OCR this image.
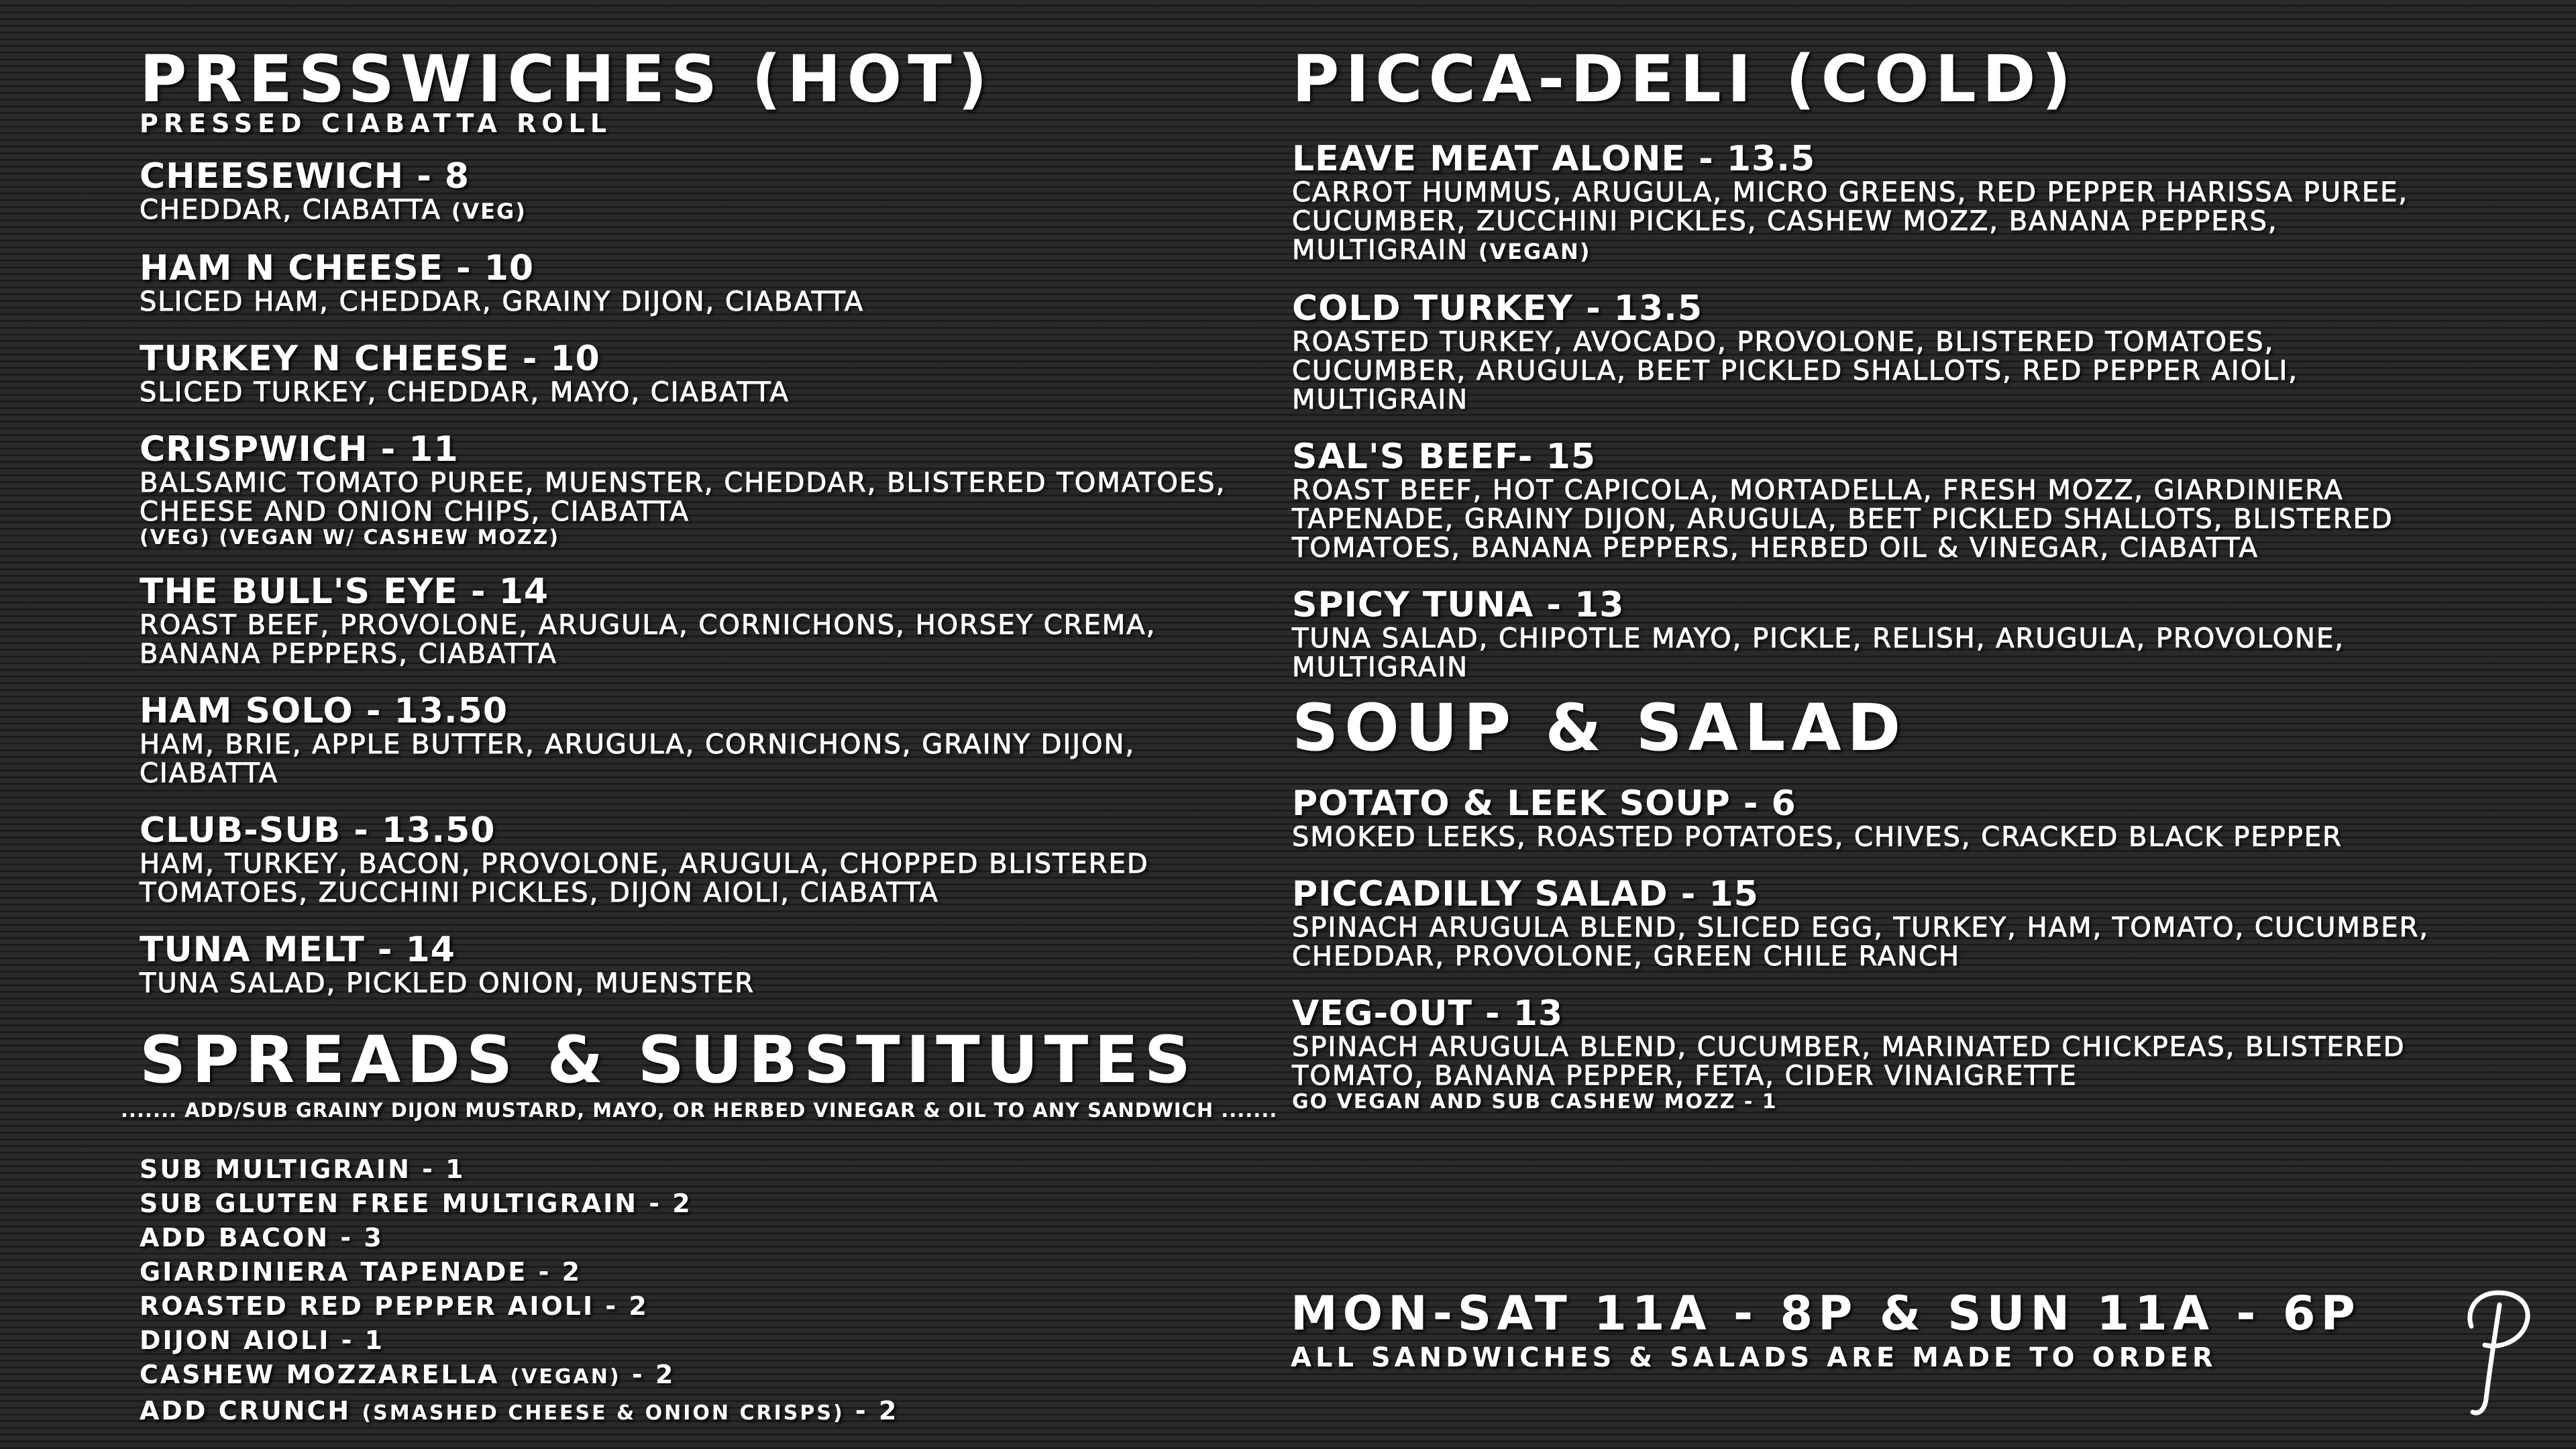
PRESSWICHES (HOT)
PRESSED CIABATTA ROLL
CHEESEWICH - 8
CHEDDAR, CIABATTA (VEG)
HAM N CHEESE - 10
SLICED HAM, CHEDDAR, GRAINY DIJON, CIABATTA
TURKEY N CHEESE - 10
SLICED TURKEY, CHEDDAR, MAYO, CIABATTA
CRISPWICH - 11
BALSAMIC TOMATO PUREE, MUENSTER, CHEDDAR, BLISTERED TOMATOES, CHEESE AND ONION CHIPS, CIABATTA
(VEG) (VEGAN W/ CASHEW MOZZ)
THE BULL'S EYE - 14
ROAST BEEF, PROVOLONE, ARUGULA, CORNICHONS, HORSEY CREMA, BANANA PEPPERS, CIABATTA
HAM SOLO - 13.50
HAM, BRIE, APPLE BUTTER, ARUGULA, CORNICHONS, GRAINY DIJON, CIABATTA
CLUB-SUB - 13.50
HAM, TURKEY, BACON, PROVOLONE, ARUGULA, CHOPPED BLISTERED TOMATOES, ZUCCHINI PICKLES, DIJON AIOLI, CIABATTA
TUNA MELT - 14
TUNA SALAD, PICKLED ONION, MUENSTER
SPREADS & SUBSTITUTES
....... ADD/SUB GRAINY DIJON MUSTARD, MAYO, OR HERBED VINEGAR & OIL TO ANY SANDWICH .......
SUB MULTIGRAIN - 1
SUB GLUTEN FREE MULTIGRAIN - 2
ADD BACON - 3
GIARDINIERA TAPENADE - 2
ROASTED RED PEPPER AIOLI - 2
DIJON AIOLI - 1
CASHEW MOZZARELLA (VEGAN) - 2
ADD CRUNCH (SMASHED CHEESE & ONION CRISPS) - 2
PICCA-DELI (COLD)
LEAVE MEAT ALONE - 13.5
CARROT HUMMUS, ARUGULA, MICRO GREENS, RED PEPPER HARISSA PUREE, CUCUMBER, ZUCCHINI PICKLES, CASHEW MOZZ, BANANA PEPPERS, MULTIGRAIN (VEGAN)
COLD TURKEY - 13.5
ROASTED TURKEY, AVOCADO, PROVOLONE, BLISTERED TOMATOES, CUCUMBER, ARUGULA, BEET PICKLED SHALLOTS, RED PEPPER AIOLI, MULTIGRAIN
SAL'S BEEF- 15
ROAST BEEF, HOT CAPICOLA, MORTADELLA, FRESH MOZZ, GIARDINIERA TAPENADE, GRAINY DIJON, ARUGULA, BEET PICKLED SHALLOTS, BLISTERED TOMATOES, BANANA PEPPERS, HERBED OIL & VINEGAR, CIABATTA
SPICY TUNA - 13
TUNA SALAD, CHIPOTLE MAYO, PICKLE, RELISH, ARUGULA, PROVOLONE, MULTIGRAIN
SOUP & SALAD
POTATO & LEEK SOUP - 6
SMOKED LEEKS, ROASTED POTATOES, CHIVES, CRACKED BLACK PEPPER
PICCADILLY SALAD - 15
SPINACH ARUGULA BLEND, SLICED EGG, TURKEY, HAM, TOMATO, CUCUMBER, CHEDDAR, PROVOLONE, GREEN CHILE RANCH
VEG-OUT - 13
SPINACH ARUGULA BLEND, CUCUMBER, MARINATED CHICKPEAS, BLISTERED TOMATO, BANANA PEPPER, FETA, CIDER VINAIGRETTE
GO VEGAN AND SUB CASHEW MOZZ - 1
MON-SAT 11A - 8P & SUN 11A - 6P
ALL SANDWICHES & SALADS ARE MADE TO ORDER
